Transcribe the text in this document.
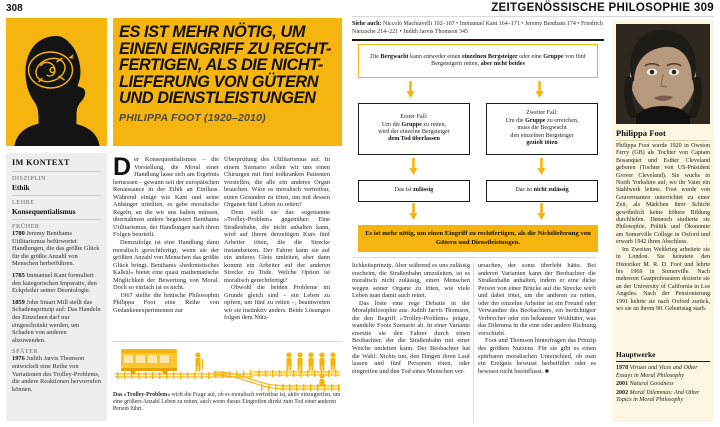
308	ZEITGENÖSSISCHE PHILOSOPHIE 309
ES IST MEHR NÖTIG, UM EINEN EINGRIFF ZU RECHT-FERTIGEN, ALS DIE NICHT-LIEFERUNG VON GÜTERN UND DIENSTLEISTUNGEN
PHILIPPA FOOT (1920–2010)
IM KONTEXT
DISZIPLIN
Ethik
LEHRE
Konsequentialismus
FRÜHER

1780 Jeremy Benthams Utilitarismus befürwortet Handlungen, die das größte Glück für die größte Anzahl von Menschen herbeiführen.

1785 Immanuel Kant formuliert den kategorischen Imperativ, den Eckpfeiler seiner Deontologie.

1859 John Stuart Mill stellt das Schadensprinzip auf: Das Handeln des Einzelnen darf nur eingeschränkt werden, um Schaden von anderen abzuwenden.

SPÄTER

1976 Judith Jarvis Thomson entwickelt eine Reihe von Variationen des Trolley-Problems, die andere Reaktionen hervorrufen können.

Der Konsequentialismus – die Vorstellung, die Moral einer Handlung lasse sich am Ergebnis bemessen – gewann seit der europäischen Renaissance in der Ethik an Einfluss. Während einige wie Kant und seine Anhänger urteilten, es gebe moralische Regeln, an die wir uns halten müssen, übernahmen andere begeistert Benthams Utilitarismus, der Handlungen nach ihren Folgen beurteilt.

Demzufolge ist eine Handlung dann moralisch gerechtfertigt, wenn sie der größten Anzahl von Menschen das größte Glück bringt. Benthams »hedonistisches Kalkül« bietet eine quasi mathematische Möglichkeit der Bewertung von Moral. Doch so einfach ist es nicht.

1967 stellte die britische Philosophin Philippa Foot eine Reihe von Gedankenexperimenten zur

Überprüfung des Utilitarismus auf. In einem Szenario sollen wir uns einen Chirurgen mit fünf todkranken Patienten vorstellen, die alle ein anderes Organ brauchen. Wäre es moralisch vertretbar, einen Gesunden zu töten, um mit dessen Organen fünf Leben zu retten?

Dem stellt sie das sogenannte »Trolley-Problem« gegenüber: Eine Straßenbahn, die nicht anhalten kann, wird auf ihrem derzeitigen Kurs fünf Arbeiter töten, die die Strecke instandsetzen. Der Fahrer kann sie auf ein anderes Gleis umleiten, aber dann kommt ein Arbeiter auf der anderen Strecke zu Tode. Welche Option ist moralisch gerechtfertigt?

Obwohl die beiden Probleme im Grunde gleich sind – ein Leben zu opfern, um fünf zu retten –, beantworten wir sie instinktiv anders. Beide Lösungen folgen dem Nütz-

Das »Trolley-Problem« wirft die Frage auf, ob es moralisch vertretbar ist, aktiv einzugreifen, um eine größere Anzahl Leben zu retten, auch wenn dieses Eingreifen direkt zum Tod einer anderen Person führt.
Siehe auch: Niccolò Machiavelli 102–107 • Immanuel Kant 164–171 • Jeremy Bentham 174 • Friedrich Nietzsche 214–221 • Judith Jarvis Thomson 345
Die Bergwacht kann entweder einen einzelnen Bergsteiger oder eine Gruppe von fünf Bergsteigern retten, aber nicht beides
Erster Fall:
Um die Gruppe zu retten,
wird der einzelne Bergsteiger
dem Tod überlassen
Zweiter Fall:
Um die Gruppe zu erreichen,
muss die Bergwacht
den einzelnen Bergsteiger
gezielt töten
Das ist zulässig	Das ist nicht zulässig
Es ist mehr nötig, um einen Eingriff zu rechtfertigen, als die Nichtlieferung von Gütern und Dienstleistungen.

lichkeitsprinzip. Aber während es uns zulässig erscheint, die Straßenbahn umzuleiten, ist es moralisch nicht zulässig, einen Menschen wegen seiner Organe zu töten, wie viele Leben man damit auch rettet.

Das löste eine rege Debatte in der Moralphilosophie aus. Judith Jarvis Thomson, die den Begriff »Trolley-Problem« prägte, wandelte Foots Szenario ab. In einer Variante ersetzte sie den Fahrer durch einen Beobachter, der die Straßenbahn mit einer Weiche umleiten kann. Der Beobachter hat die Wahl: Nichts tun, den Dingen ihren Lauf lassen und fünf Personen töten, oder eingreifen und den Tod eines Menschen ver-

ursachen, der sonst überlebt hätte. Bei anderen Varianten kann der Beobachter die Straßenbahn anhalten, indem er eine dicke Person von einer Brücke auf die Strecke wirft und dabei tötet, um die anderen zu retten, oder der einzelne Arbeiter ist ein Freund oder Verwandter des Beobachters, ein berüchtigter Verbrecher oder ein bekannter Wohltäter, was das Dilemma in die eine oder andere Richtung verschiebt.

Foot und Thomson hinterfragen das Prinzip des größten Nutzens. Für sie gibt es einen spürbaren moralischen Unterschied, ob man ein Ereignis bewusst herbeiführt oder es bewusst nicht beeinflusst. ■

Philippa Foot

Philippa Foot wurde 1920 in Owston Ferry (GB) als Tochter von Captain Bosanquet und Esther Cleveland geboren (Tochter von US-Präsident Grover Cleveland). Sie wuchs in North Yorkshire auf, wo ihr Vater ein Stahlwerk leitete. Foot wurde von Gouvernanten unterrichtet zu einer Zeit, als Mädchen ihrer Schicht gewöhnlich keine höhere Bildung durchliefen. Dennoch studierte sie Philosophie, Politik und Ökonomie am Somerville College in Oxford und erwarb 1942 ihren Abschluss.

Im Zweiten Weltkrieg arbeitete sie in London. Sie heiratete den Historiker M. R. D. Foot und lehrte bis 1969 in Somerville. Nach mehreren Gastprofessuren dozierte sie an der University of California in Los Angeles. Nach der Pensionierung 1991 kehrte sie nach Oxford zurück, wo sie an ihrem 90. Geburtstag starb.

Hauptwerke
1978 Virtues and Vices and Other Essays in Moral Philosophy
2001 Natural Goodness
2002 Moral Dilemmas: And Other Topics in Moral Philosophy
